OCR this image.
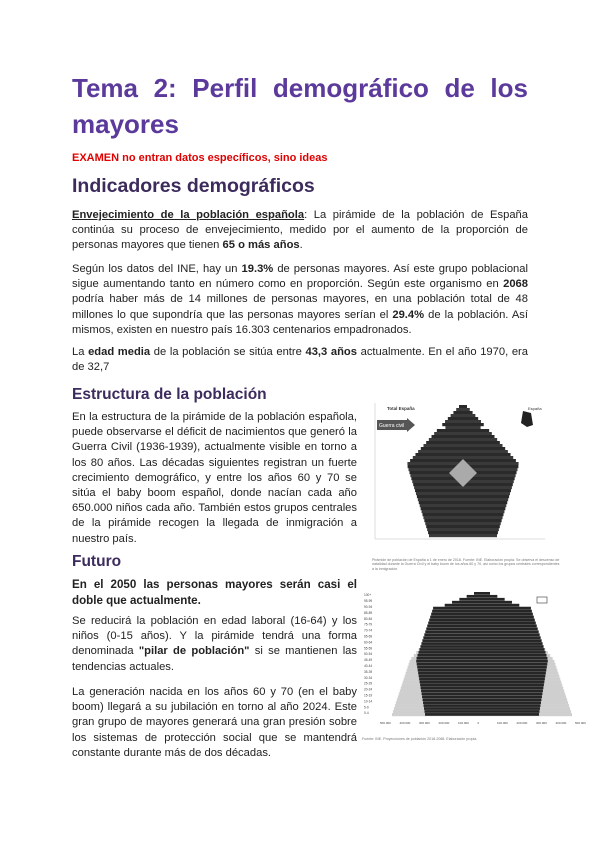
Tema 2: Perfil demográfico de los
mayores
EXAMEN no entran datos específicos, sino ideas
Indicadores demográficos

Envejecimiento de la población española: La pirámide de la población de España continúa su proceso de envejecimiento, medido por el aumento de la proporción de personas mayores que tienen 65 o más años.

Según los datos del INE, hay un 19.3% de personas mayores. Así este grupo poblacional sigue aumentando tanto en número como en proporción. Según este organismo en 2068 podría haber más de 14 millones de personas mayores, en una población total de 48 millones lo que supondría que las personas mayores serían el 29.4% de la población. Así mismos, existen en nuestro país 16.303 centenarios empadronados.

La edad media de la población se sitúa entre 43,3 años actualmente. En el año 1970, era de 32,7

Estructura de la población

En la estructura de la pirámide de la población española, puede observarse el déficit de nacimientos que generó la Guerra Civil (1936-1939), actualmente visible en torno a los 80 años. Las décadas siguientes registran un fuerte crecimiento demográfico, y entre los años 60 y 70 se sitúa el baby boom español, donde nacían cada año 650.000 niños cada año. También estos grupos centrales de la pirámide recogen la llegada de inmigración a nuestro país.

Guerra civil
Total España	España
Pirámide de población de España a 1 de enero de 2018. Fuente: INE. Elaboración propia. Se observa el descenso de natalidad durante la Guerra Civil y el baby boom de los años 60 y 70, así como los grupos centrales correspondientes a la inmigración.
Futuro

En el 2050 las personas mayores serán casi el doble que actualmente.

Se reducirá la población en edad laboral (16-64) y los niños (0-15 años). Y la pirámide tendrá una forma denominada "pilar de población" si se mantienen las tendencias actuales.

La generación nacida en los años 60 y 70 (en el baby boom) llegará a su jubilación en torno al año 2024. Este gran grupo de mayores generará una gran presión sobre los sistemas de protección social que se mantendrá constante durante más de dos décadas.

100+
95-99
90-94
85-89
80-84
75-79
70-74
65-69
60-64
55-59
50-54
45-49
40-44
35-39
30-34
25-29
20-24
15-19
10-14
5-9
0-4
500.000	400.000	300.000	200.000	100.000	0	100.000	200.000	300.000	400.000	500.000
Fuente: INE. Proyecciones de población 2018-2068. Elaboración propia.
